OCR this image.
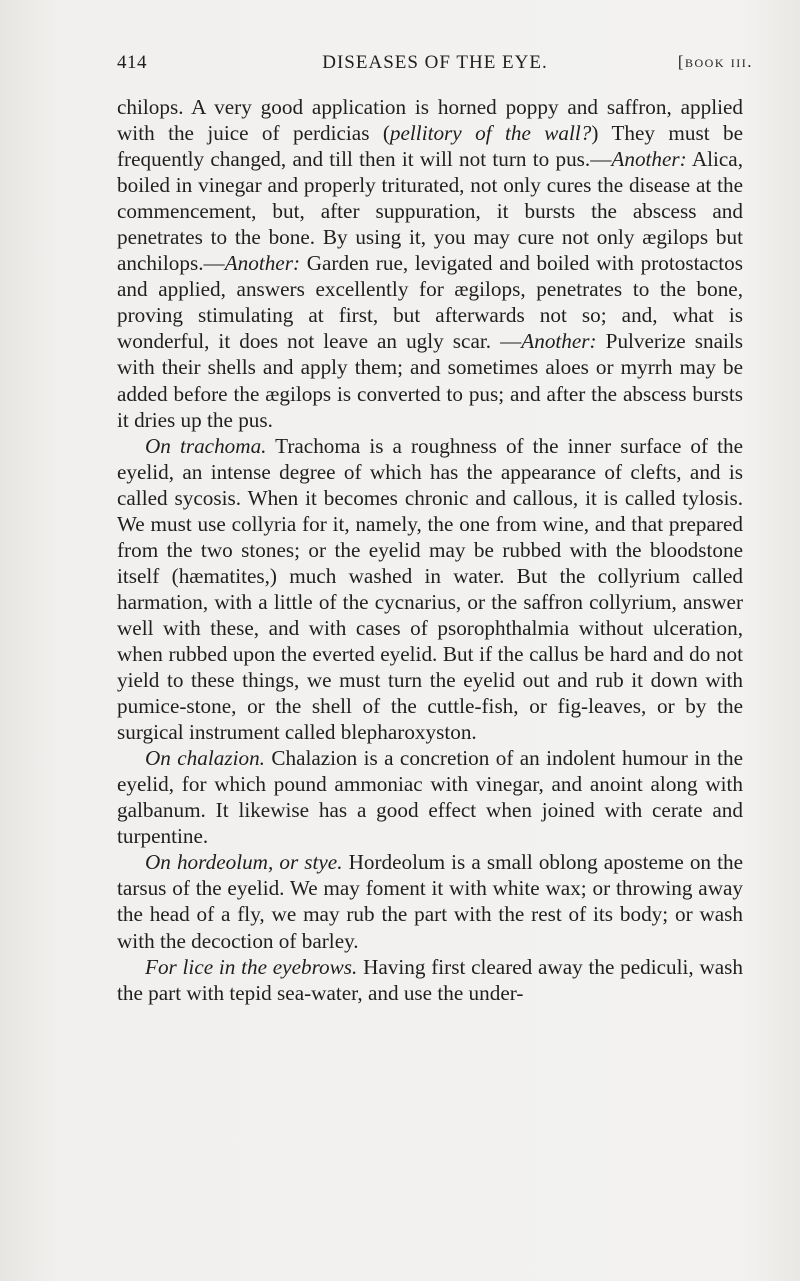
414	DISEASES OF THE EYE.	[book iii.

chilops. A very good application is horned poppy and saffron, applied with the juice of perdicias (pellitory of the wall?) They must be frequently changed, and till then it will not turn to pus.—Another: Alica, boiled in vinegar and properly triturated, not only cures the disease at the commencement, but, after suppuration, it bursts the abscess and penetrates to the bone. By using it, you may cure not only ægilops but anchilops.—Another: Garden rue, levigated and boiled with protostactos and applied, answers excellently for ægilops, penetrates to the bone, proving stimulating at first, but afterwards not so; and, what is wonderful, it does not leave an ugly scar. —Another: Pulverize snails with their shells and apply them; and sometimes aloes or myrrh may be added before the ægilops is converted to pus; and after the abscess bursts it dries up the pus.

On trachoma. Trachoma is a roughness of the inner surface of the eyelid, an intense degree of which has the appearance of clefts, and is called sycosis. When it becomes chronic and callous, it is called tylosis. We must use collyria for it, namely, the one from wine, and that prepared from the two stones; or the eyelid may be rubbed with the bloodstone itself (hæmatites,) much washed in water. But the collyrium called harmation, with a little of the cycnarius, or the saffron collyrium, answer well with these, and with cases of psorophthalmia without ulceration, when rubbed upon the everted eyelid. But if the callus be hard and do not yield to these things, we must turn the eyelid out and rub it down with pumice-stone, or the shell of the cuttle-fish, or fig-leaves, or by the surgical instrument called blepharoxyston.

On chalazion. Chalazion is a concretion of an indolent humour in the eyelid, for which pound ammoniac with vinegar, and anoint along with galbanum. It likewise has a good effect when joined with cerate and turpentine.

On hordeolum, or stye. Hordeolum is a small oblong aposteme on the tarsus of the eyelid. We may foment it with white wax; or throwing away the head of a fly, we may rub the part with the rest of its body; or wash with the decoction of barley.

For lice in the eyebrows. Having first cleared away the pediculi, wash the part with tepid sea-water, and use the under-
